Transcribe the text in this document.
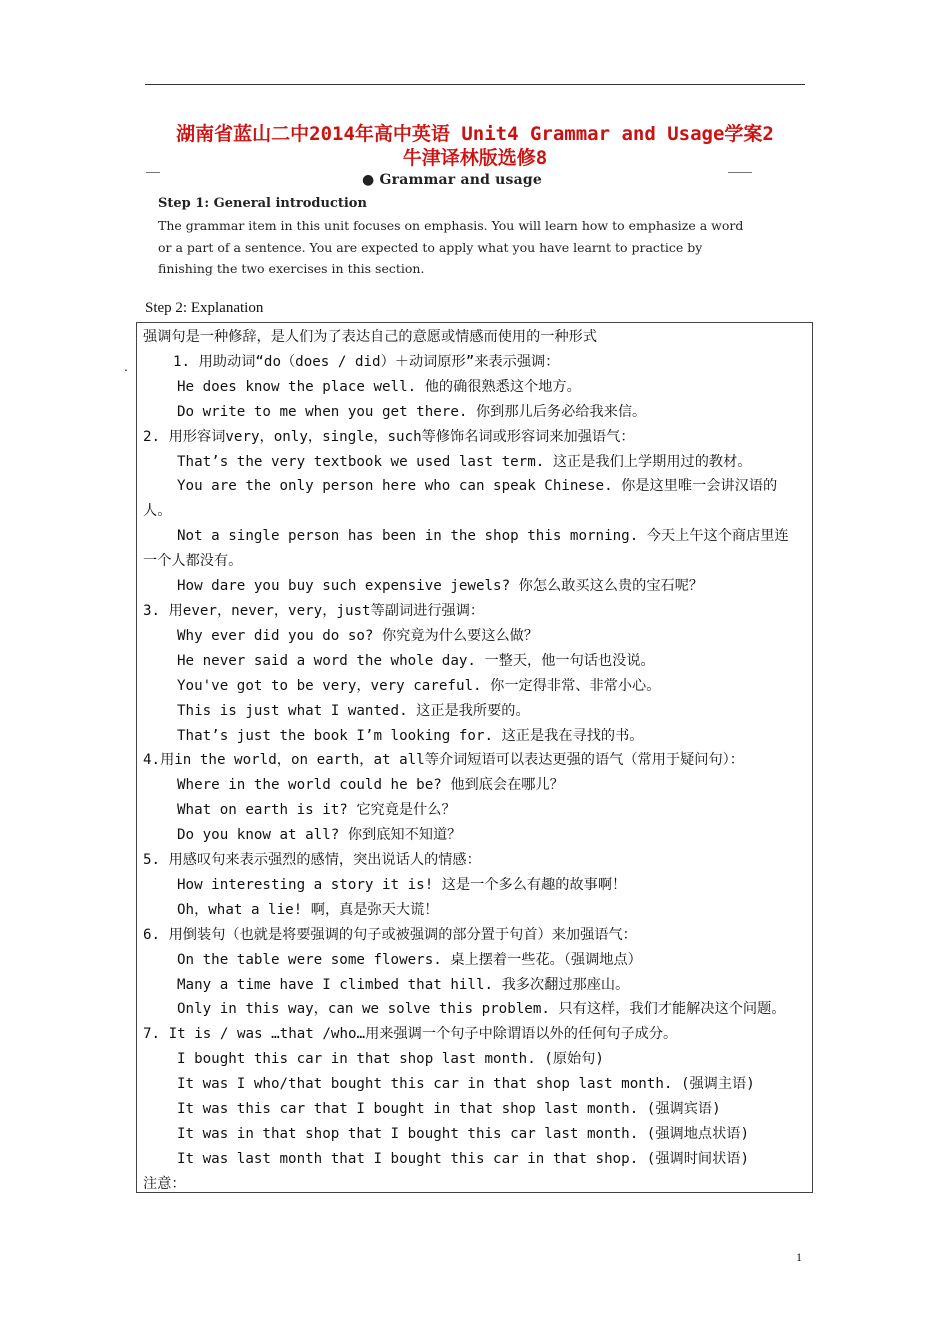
湖南省蓝山二中2014年高中英语 Unit4 Grammar and Usage学案2
牛津译林版选修8
● Grammar and usage
Step 1: General introduction
The grammar item in this unit focuses on emphasis. You will learn how to emphasize a word or a part of a sentence. You are expected to apply what you have learnt to practice by finishing the two exercises in this section.
Step 2: Explanation
.
强调句是一种修辞，是人们为了表达自己的意愿或情感而使用的一种形式
1. 用助动词“do（does / did）＋动词原形”来表示强调：
He does know the place well. 他的确很熟悉这个地方。
Do write to me when you get there. 你到那儿后务必给我来信。
2. 用形容词very，only，single，such等修饰名词或形容词来加强语气：
That’s the very textbook we used last term. 这正是我们上学期用过的教材。
You are the only person here who can speak Chinese. 你是这里唯一会讲汉语的
人。
Not a single person has been in the shop this morning. 今天上午这个商店里连
一个人都没有。
How dare you buy such expensive jewels? 你怎么敢买这么贵的宝石呢？
3. 用ever，never，very，just等副词进行强调：
Why ever did you do so? 你究竟为什么要这么做？
He never said a word the whole day. 一整天，他一句话也没说。
You've got to be very，very careful. 你一定得非常、非常小心。
This is just what I wanted. 这正是我所要的。
That’s just the book I’m looking for. 这正是我在寻找的书。
4.用in the world，on earth，at all等介词短语可以表达更强的语气（常用于疑问句）：
Where in the world could he be? 他到底会在哪儿？
What on earth is it? 它究竟是什么？
Do you know at all? 你到底知不知道？
5. 用感叹句来表示强烈的感情，突出说话人的情感：
How interesting a story it is! 这是一个多么有趣的故事啊！
Oh，what a lie! 啊，真是弥天大谎！
6. 用倒装句（也就是将要强调的句子或被强调的部分置于句首）来加强语气：
On the table were some flowers. 桌上摆着一些花。（强调地点）
Many a time have I climbed that hill. 我多次翻过那座山。
Only in this way，can we solve this problem. 只有这样，我们才能解决这个问题。
7. It is / was …that /who…用来强调一个句子中除谓语以外的任何句子成分。
I bought this car in that shop last month. (原始句)
It was I who/that bought this car in that shop last month. (强调主语)
It was this car that I bought in that shop last month. (强调宾语)
It was in that shop that I bought this car last month. (强调地点状语)
It was last month that I bought this car in that shop. (强调时间状语)
注意：
1
